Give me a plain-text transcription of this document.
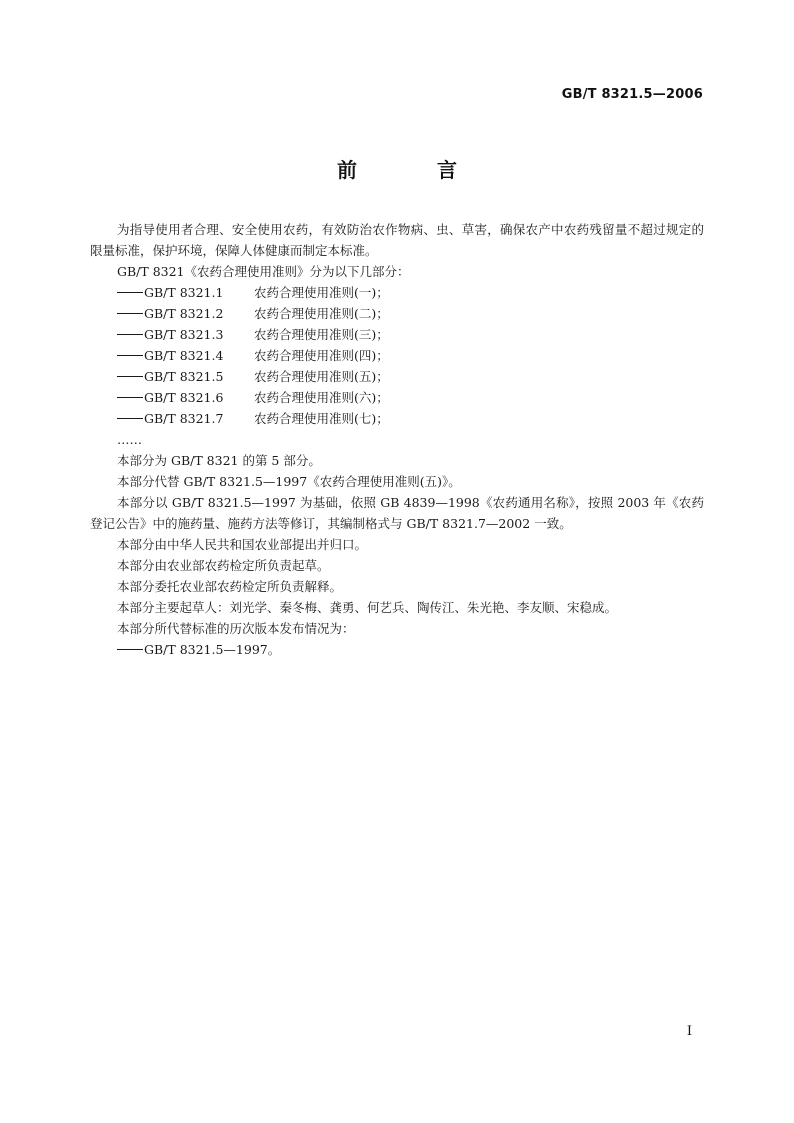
GB/T 8321.5—2006
前　言
为指导使用者合理、安全使用农药，有效防治农作物病、虫、草害，确保农产中农药残留量不超过规定的限量标准，保护环境，保障人体健康而制定本标准。
GB/T 8321《农药合理使用准则》分为以下几部分：
GB/T 8321.1 农药合理使用准则(一)；
GB/T 8321.2 农药合理使用准则(二)；
GB/T 8321.3 农药合理使用准则(三)；
GB/T 8321.4 农药合理使用准则(四)；
GB/T 8321.5 农药合理使用准则(五)；
GB/T 8321.6 农药合理使用准则(六)；
GB/T 8321.7 农药合理使用准则(七)；
……
本部分为 GB/T 8321 的第 5 部分。
本部分代替 GB/T 8321.5—1997《农药合理使用准则(五)》。
本部分以 GB/T 8321.5—1997 为基础，依照 GB 4839—1998《农药通用名称》，按照 2003 年《农药登记公告》中的施药量、施药方法等修订，其编制格式与 GB/T 8321.7—2002 一致。
本部分由中华人民共和国农业部提出并归口。
本部分由农业部农药检定所负责起草。
本部分委托农业部农药检定所负责解释。
本部分主要起草人：刘光学、秦冬梅、龚勇、何艺兵、陶传江、朱光艳、李友顺、宋稳成。
本部分所代替标准的历次版本发布情况为：
GB/T 8321.5—1997。
I
